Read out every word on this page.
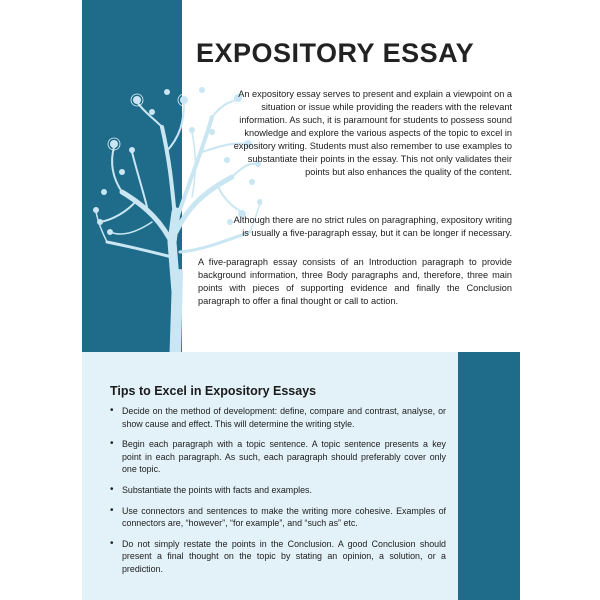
EXPOSITORY ESSAY

An expository essay serves to present and explain a viewpoint on a situation or issue while providing the readers with the relevant information. As such, it is paramount for students to possess sound knowledge and explore the various aspects of the topic to excel in expository writing. Students must also remember to use examples to substantiate their points in the essay. This not only validates their points but also enhances the quality of the content.

Although there are no strict rules on paragraphing, expository writing is usually a five-paragraph essay, but it can be longer if necessary.

A five-paragraph essay consists of an Introduction paragraph to provide background information, three Body paragraphs and, therefore, three main points with pieces of supporting evidence and finally the Conclusion paragraph to offer a final thought or call to action.

Tips to Excel in Expository Essays
• Decide on the method of development: define, compare and contrast, analyse, or show cause and effect. This will determine the writing style.
• Begin each paragraph with a topic sentence. A topic sentence presents a key point in each paragraph. As such, each paragraph should preferably cover only one topic.
• Substantiate the points with facts and examples.
• Use connectors and sentences to make the writing more cohesive. Examples of connectors are, “however”, “for example”, and “such as” etc.
• Do not simply restate the points in the Conclusion. A good Conclusion should present a final thought on the topic by stating an opinion, a solution, or a prediction.
